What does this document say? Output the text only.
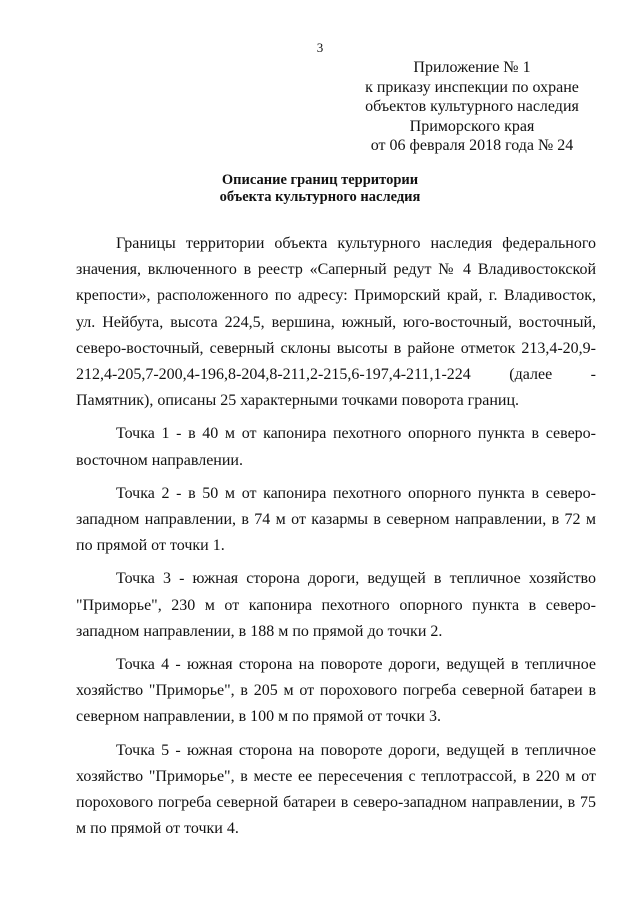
3
Приложение № 1
к приказу инспекции по охране
объектов культурного наследия
Приморского края
от 06 февраля 2018 года № 24
Описание границ территории
объекта культурного наследия

Границы территории объекта культурного наследия федерального значения, включенного в реестр «Саперный редут № 4 Владивостокской крепости», расположенного по адресу: Приморский край, г. Владивосток, ул. Нейбута, высота 224,5, вершина, южный, юго-восточный, восточный, северо-восточный, северный склоны высоты в районе отметок 213,4-20,9-212,4-205,7-200,4-196,8-204,8-211,2-215,6-197,4-211,1-224 (далее - Памятник), описаны 25 характерными точками поворота границ.

Точка 1 - в 40 м от капонира пехотного опорного пункта в северо-восточном направлении.

Точка 2 - в 50 м от капонира пехотного опорного пункта в северо-западном направлении, в 74 м от казармы в северном направлении, в 72 м по прямой от точки 1.

Точка 3 - южная сторона дороги, ведущей в тепличное хозяйство "Приморье", 230 м от капонира пехотного опорного пункта в северо-западном направлении, в 188 м по прямой до точки 2.

Точка 4 - южная сторона на повороте дороги, ведущей в тепличное хозяйство "Приморье", в 205 м от порохового погреба северной батареи в северном направлении, в 100 м по прямой от точки 3.

Точка 5 - южная сторона на повороте дороги, ведущей в тепличное хозяйство "Приморье", в месте ее пересечения с теплотрассой, в 220 м от порохового погреба северной батареи в северо-западном направлении, в 75 м по прямой от точки 4.
